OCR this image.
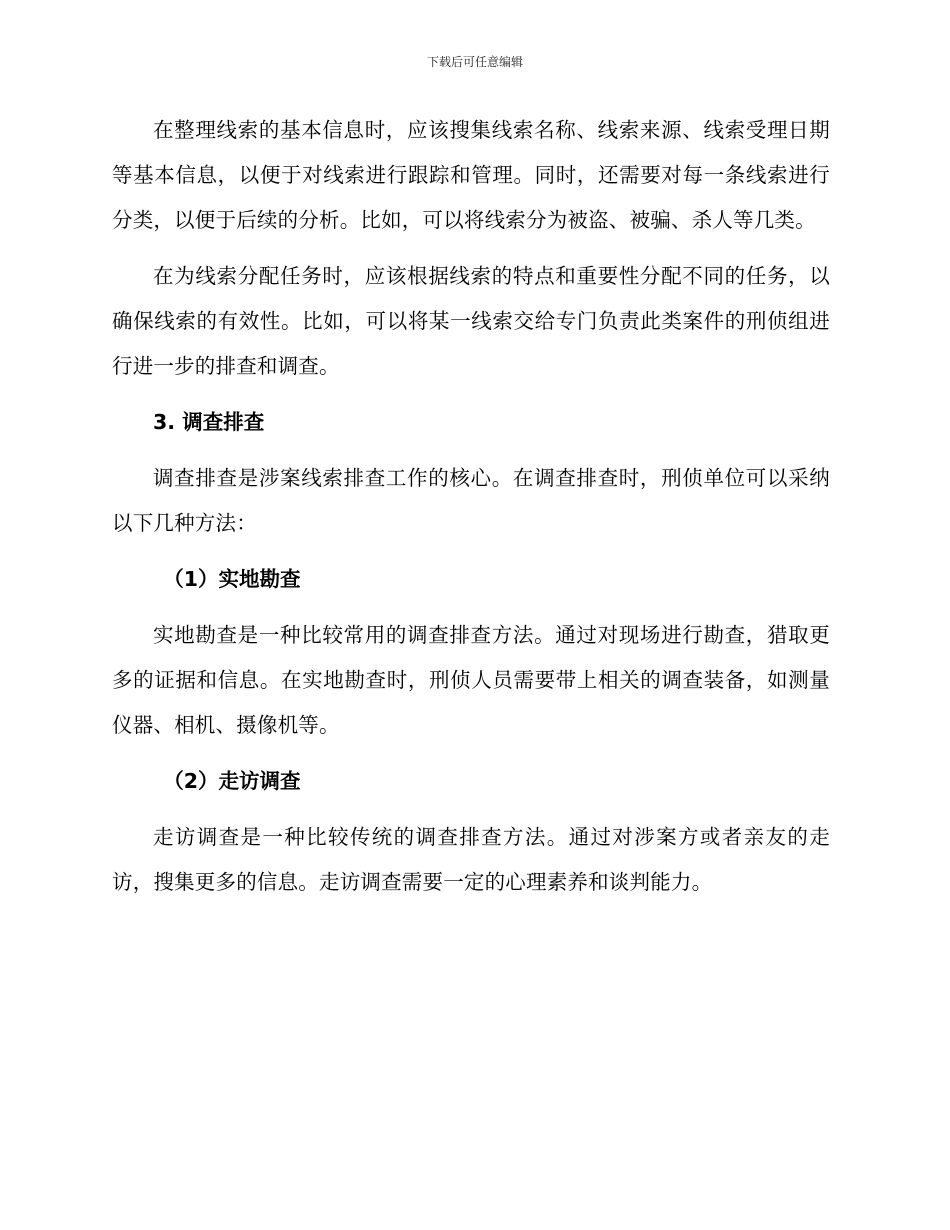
下载后可任意编辑

在整理线索的基本信息时，应该搜集线索名称、线索来源、线索受理日期等基本信息，以便于对线索进行跟踪和管理。同时，还需要对每一条线索进行分类，以便于后续的分析。比如，可以将线索分为被盗、被骗、杀人等几类。

在为线索分配任务时，应该根据线索的特点和重要性分配不同的任务，以确保线索的有效性。比如，可以将某一线索交给专门负责此类案件的刑侦组进行进一步的排查和调查。

3. 调查排查

调查排查是涉案线索排查工作的核心。在调查排查时，刑侦单位可以采纳以下几种方法：

（1）实地勘查

实地勘查是一种比较常用的调查排查方法。通过对现场进行勘查，猎取更多的证据和信息。在实地勘查时，刑侦人员需要带上相关的调查装备，如测量仪器、相机、摄像机等。

（2）走访调查

走访调查是一种比较传统的调查排查方法。通过对涉案方或者亲友的走访，搜集更多的信息。走访调查需要一定的心理素养和谈判能力。
